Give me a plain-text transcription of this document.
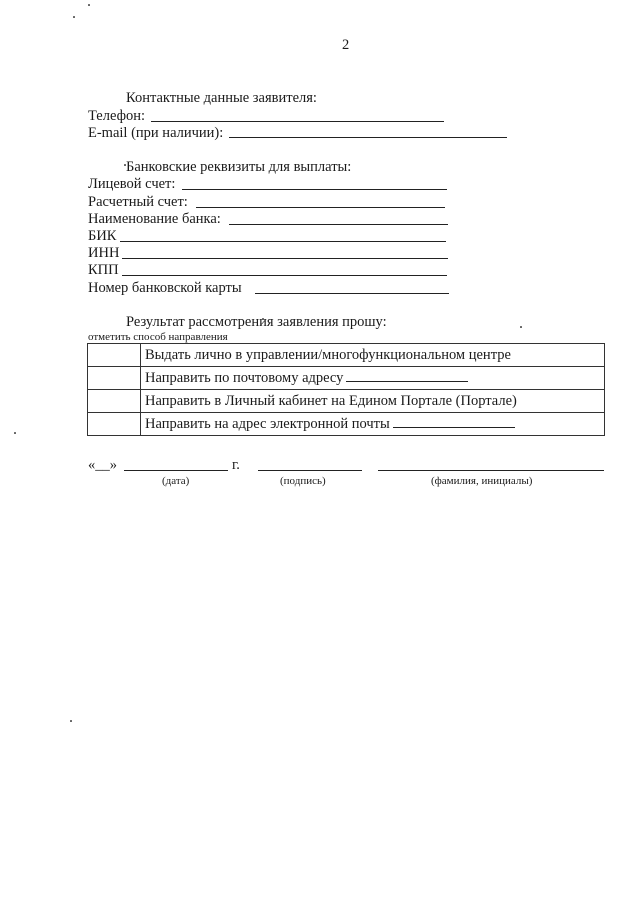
2
Контактные данные заявителя:
Телефон:
E-mail (при наличии):
Банковские реквизиты для выплаты:
Лицевой счет:
Расчетный счет:
Наименование банка:
БИК
ИНН
КПП
Номер банковской карты
Результат рассмотрения заявления прошу:
отметить способ направления
	Выдать лично в управлении/многофункциональном центре
	Направить по почтовому адресу
	Направить в Личный кабинет на Едином Портале (Портале)
	Направить на адрес электронной почты
«__»	г.
(дата)	(подпись)	(фамилия, инициалы)
